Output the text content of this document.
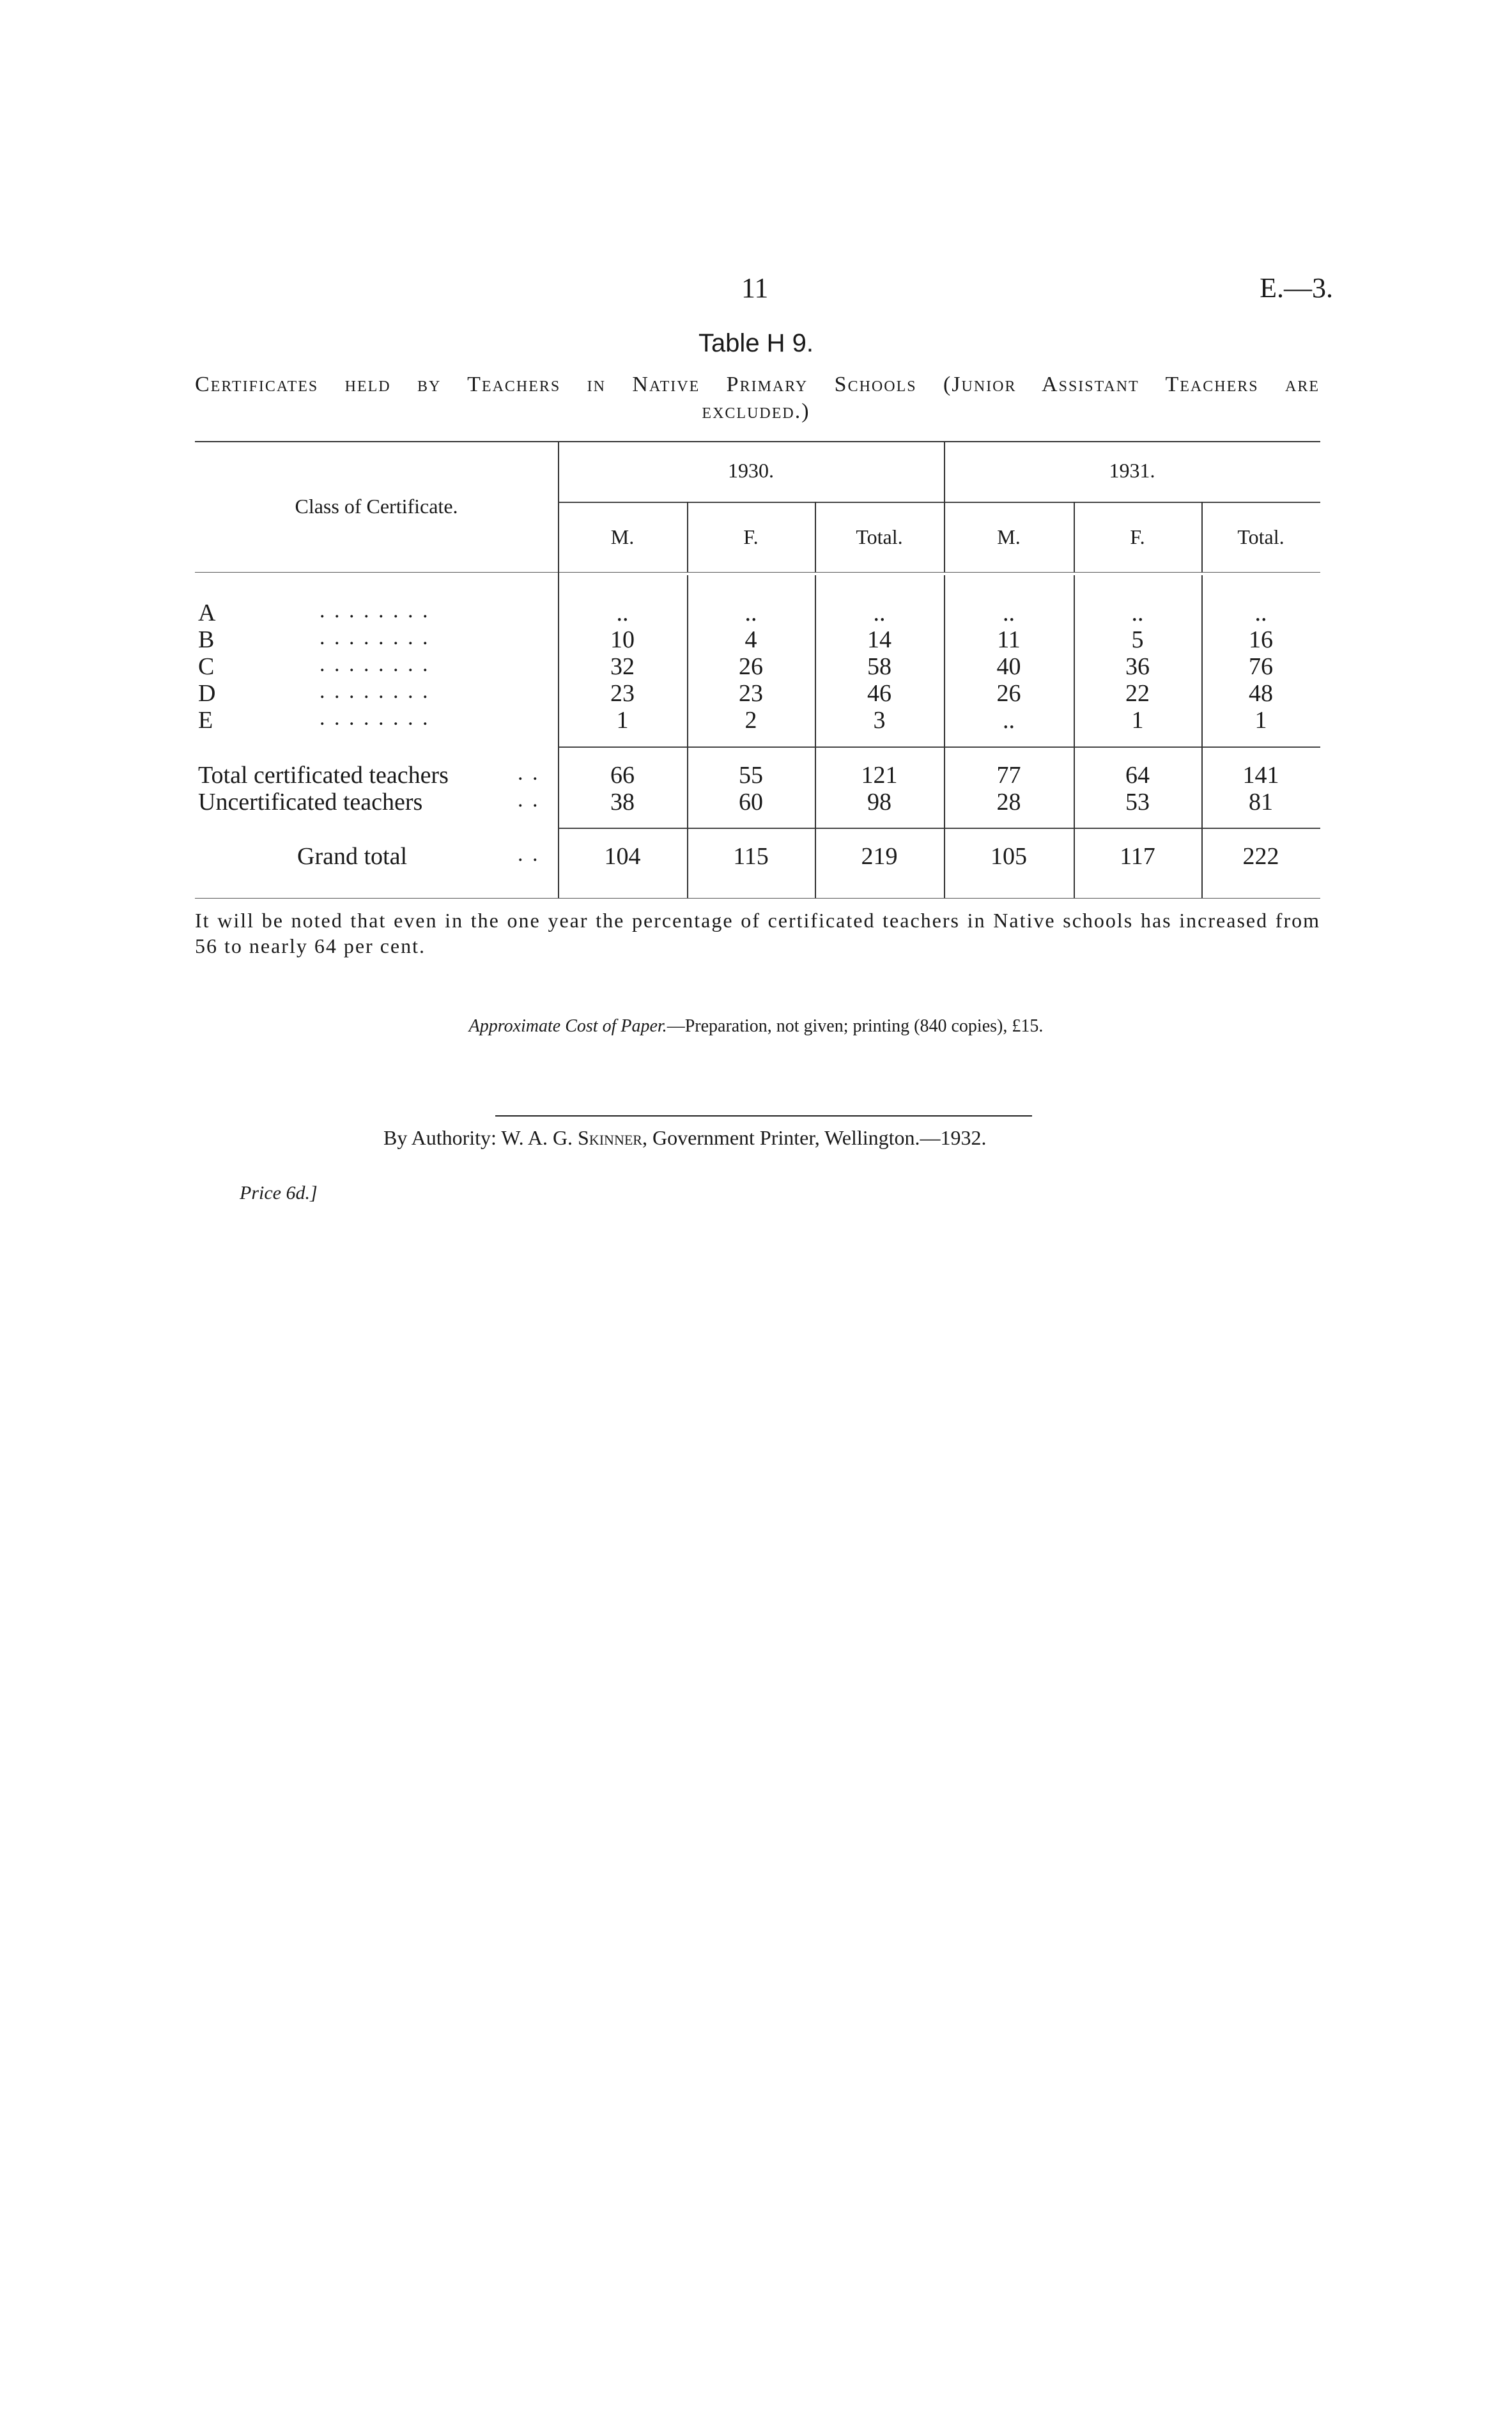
11	E.—3.
Table H 9.
Certificates held by Teachers in Native Primary Schools (Junior Assistant Teachers are
excluded.)
Class of Certificate.
1930.	1931.
M.	F.	Total.	M.	F.	Total.
A	. . . . . . . .	..	..	..	..	..	..
B	. . . . . . . .	10	4	14	11	5	16
C	. . . . . . . .	32	26	58	40	36	76
D	. . . . . . . .	23	23	46	26	22	48
E	. . . . . . . .	1	2	3	..	1	1
Total certificated teachers	. .	66	55	121	77	64	141
Uncertificated teachers	. .	38	60	98	28	53	81
Grand total	. .	104	115	219	105	117	222
It will be noted that even in the one year the percentage of certificated teachers in Native schools has increased from 56 to nearly 64 per cent.
Approximate Cost of Paper.—Preparation, not given; printing (840 copies), £15.
By Authority: W. A. G. Skinner, Government Printer, Wellington.—1932.
Price 6d.]
